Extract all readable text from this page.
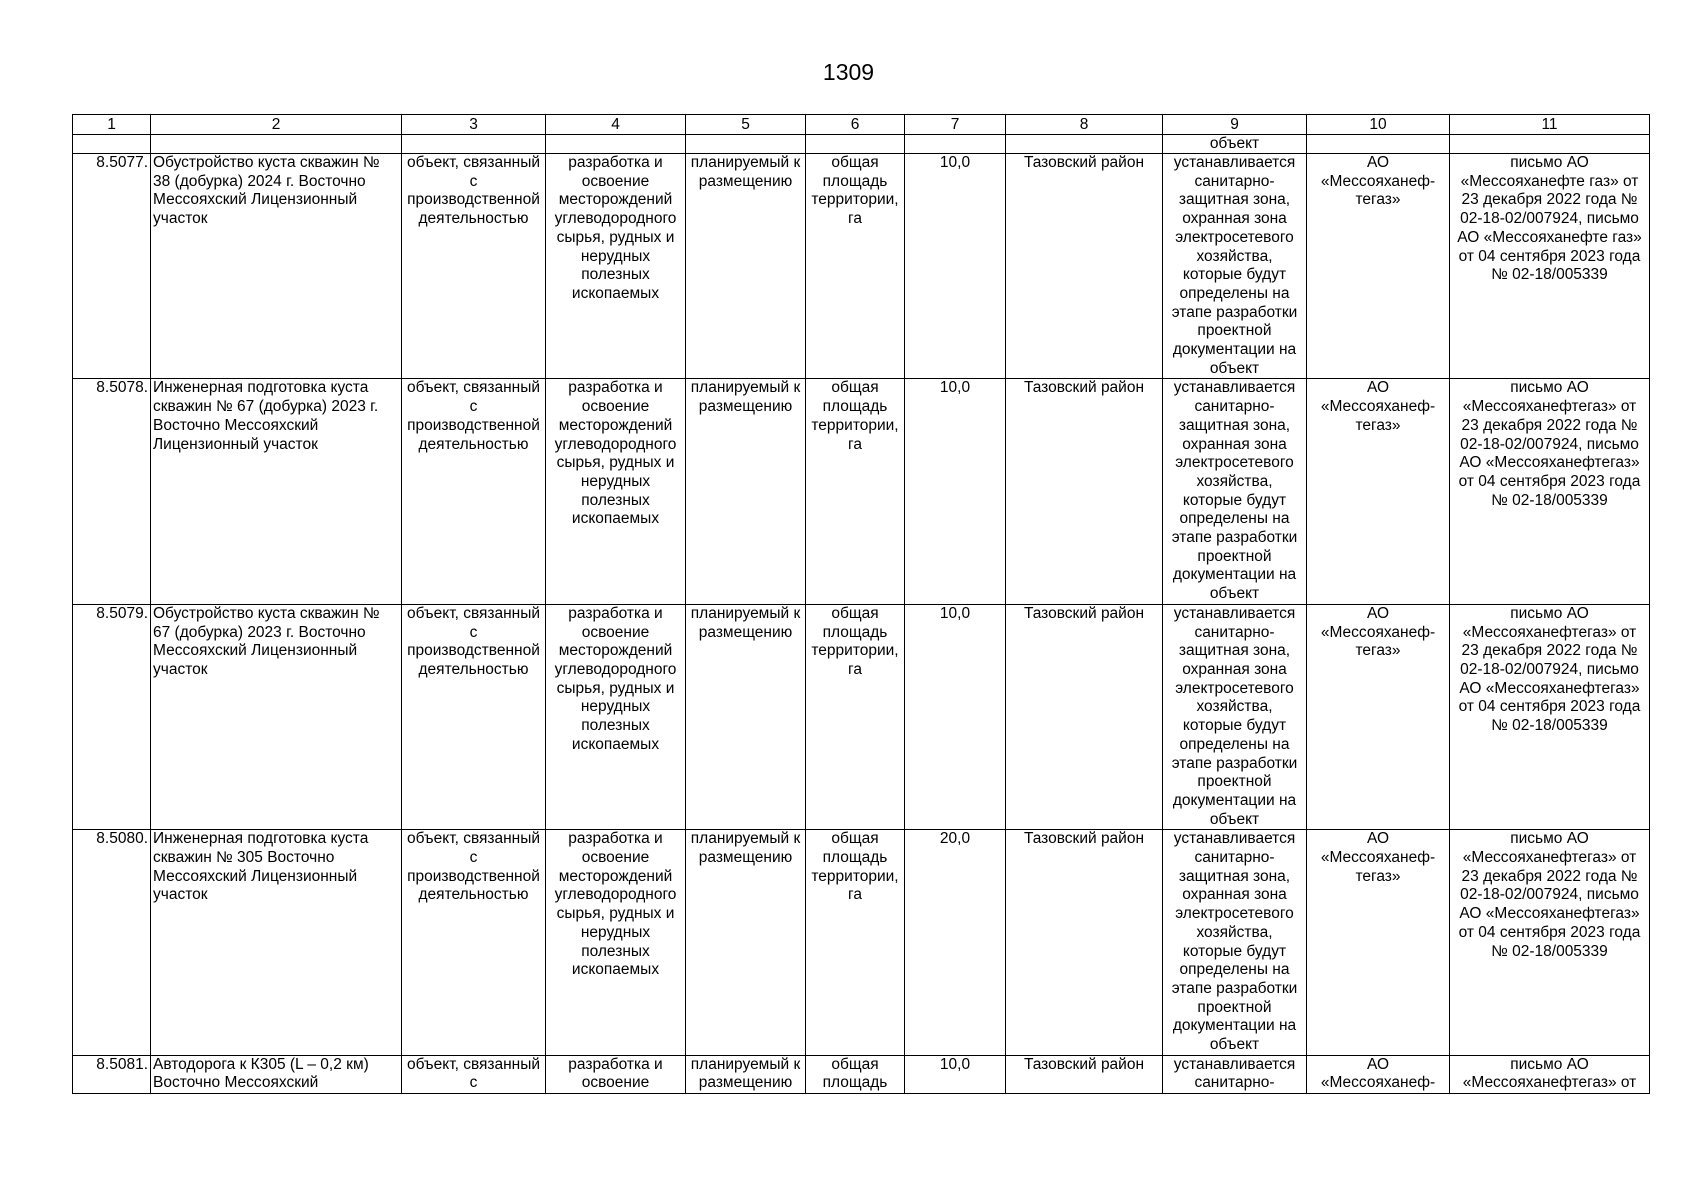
1309
1	2	3	4	5	6	7	8	9	10	11
								объект		
8.5077.	Обустройство куста скважин № 38 (добурка) 2024 г. Восточно Мессояхский Лицензионный участок	объект, связанный с производственной деятельностью	разработка и освоение месторождений углеводородного сырья, рудных и нерудных полезных ископаемых	планируемый к размещению	общая площадь территории, га	10,0	Тазовский район	устанавливается санитарно-защитная зона, охранная зона электросетевого хозяйства, которые будут определены на этапе разработки проектной документации на объект	АО «Мессояханеф-тегаз»	письмо АО «Мессояханефте газ» от 23 декабря 2022 года № 02-18-02/007924, письмо АО «Мессояханефте газ» от 04 сентября 2023 года № 02-18/005339
8.5078.	Инженерная подготовка куста скважин № 67 (добурка) 2023 г. Восточно Мессояхский Лицензионный участок	объект, связанный с производственной деятельностью	разработка и освоение месторождений углеводородного сырья, рудных и нерудных полезных ископаемых	планируемый к размещению	общая площадь территории, га	10,0	Тазовский район	устанавливается санитарно-защитная зона, охранная зона электросетевого хозяйства, которые будут определены на этапе разработки проектной документации на объект	АО «Мессояханеф-тегаз»	письмо АО «Мессояханефтегаз» от 23 декабря 2022 года № 02-18-02/007924, письмо АО «Мессояханефтегаз» от 04 сентября 2023 года № 02-18/005339
8.5079.	Обустройство куста скважин № 67 (добурка) 2023 г. Восточно Мессояхский Лицензионный участок	объект, связанный с производственной деятельностью	разработка и освоение месторождений углеводородного сырья, рудных и нерудных полезных ископаемых	планируемый к размещению	общая площадь территории, га	10,0	Тазовский район	устанавливается санитарно-защитная зона, охранная зона электросетевого хозяйства, которые будут определены на этапе разработки проектной документации на объект	АО «Мессояханеф-тегаз»	письмо АО «Мессояханефтегаз» от 23 декабря 2022 года № 02-18-02/007924, письмо АО «Мессояханефтегаз» от 04 сентября 2023 года № 02-18/005339
8.5080.	Инженерная подготовка куста скважин № 305 Восточно Мессояхский Лицензионный участок	объект, связанный с производственной деятельностью	разработка и освоение месторождений углеводородного сырья, рудных и нерудных полезных ископаемых	планируемый к размещению	общая площадь территории, га	20,0	Тазовский район	устанавливается санитарно-защитная зона, охранная зона электросетевого хозяйства, которые будут определены на этапе разработки проектной документации на объект	АО «Мессояханеф-тегаз»	письмо АО «Мессояханефтегаз» от 23 декабря 2022 года № 02-18-02/007924, письмо АО «Мессояханефтегаз» от 04 сентября 2023 года № 02-18/005339
8.5081.	Автодорога к К305 (L – 0,2 км) Восточно Мессояхский	объект, связанный с	разработка и освоение	планируемый к размещению	общая площадь	10,0	Тазовский район	устанавливается санитарно-	АО «Мессояханеф-	письмо АО «Мессояханефтегаз» от
